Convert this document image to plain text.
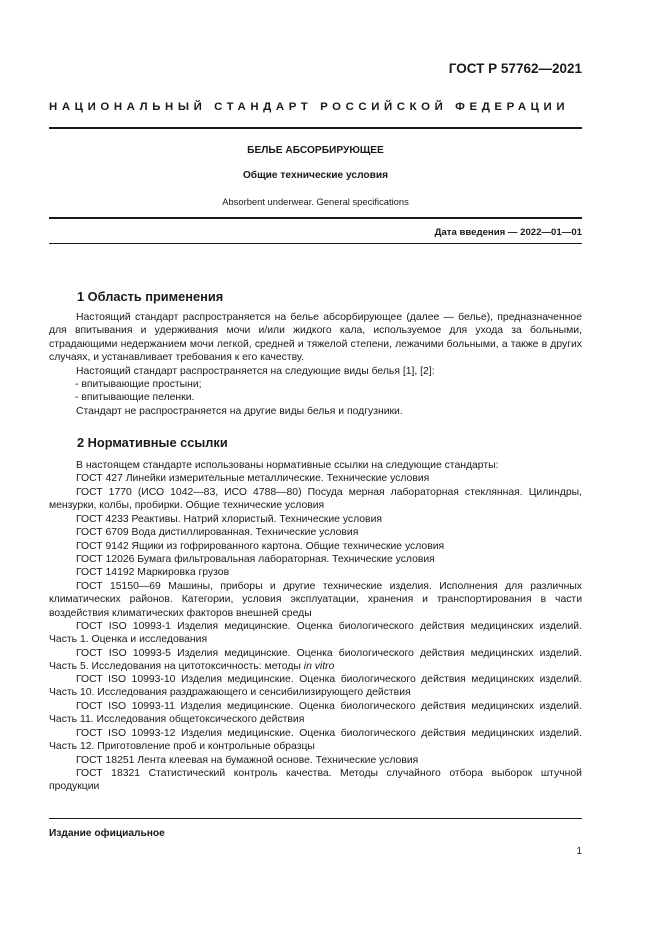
ГОСТ Р 57762—2021
НАЦИОНАЛЬНЫЙ СТАНДАРТ РОССИЙСКОЙ ФЕДЕРАЦИИ
БЕЛЬЕ АБСОРБИРУЮЩЕЕ
Общие технические условия
Absorbent underwear. General specifications
Дата введения — 2022—01—01
1 Область применения

Настоящий стандарт распространяется на белье абсорбирующее (далее — белье), предназначенное для впитывания и удерживания мочи и/или жидкого кала, используемое для ухода за больными, страдающими недержанием мочи легкой, средней и тяжелой степени, лежачими больными, а также в других случаях, и устанавливает требования к его качеству.

Настоящий стандарт распространяется на следующие виды белья [1], [2]:

- впитывающие простыни;

- впитывающие пеленки.

Стандарт не распространяется на другие виды белья и подгузники.

2 Нормативные ссылки

В настоящем стандарте использованы нормативные ссылки на следующие стандарты:

ГОСТ 427 Линейки измерительные металлические. Технические условия

ГОСТ 1770 (ИСО 1042—83, ИСО 4788—80) Посуда мерная лабораторная стеклянная. Цилиндры, мензурки, колбы, пробирки. Общие технические условия

ГОСТ 4233 Реактивы. Натрий хлористый. Технические условия

ГОСТ 6709 Вода дистиллированная. Технические условия

ГОСТ 9142 Ящики из гофрированного картона. Общие технические условия

ГОСТ 12026 Бумага фильтровальная лабораторная. Технические условия

ГОСТ 14192 Маркировка грузов

ГОСТ 15150—69 Машины, приборы и другие технические изделия. Исполнения для различных климатических районов. Категории, условия эксплуатации, хранения и транспортирования в части воздействия климатических факторов внешней среды

ГОСТ ISO 10993-1 Изделия медицинские. Оценка биологического действия медицинских изделий. Часть 1. Оценка и исследования

ГОСТ ISO 10993-5 Изделия медицинские. Оценка биологического действия медицинских изделий. Часть 5. Исследования на цитотоксичность: методы in vitro

ГОСТ ISO 10993-10 Изделия медицинские. Оценка биологического действия медицинских изделий. Часть 10. Исследования раздражающего и сенсибилизирующего действия

ГОСТ ISO 10993-11 Изделия медицинские. Оценка биологического действия медицинских изделий. Часть 11. Исследования общетоксического действия

ГОСТ ISO 10993-12 Изделия медицинские. Оценка биологического действия медицинских изделий. Часть 12. Приготовление проб и контрольные образцы

ГОСТ 18251 Лента клеевая на бумажной основе. Технические условия

ГОСТ 18321 Статистический контроль качества. Методы случайного отбора выборок штучной продукции

Издание официальное
1
